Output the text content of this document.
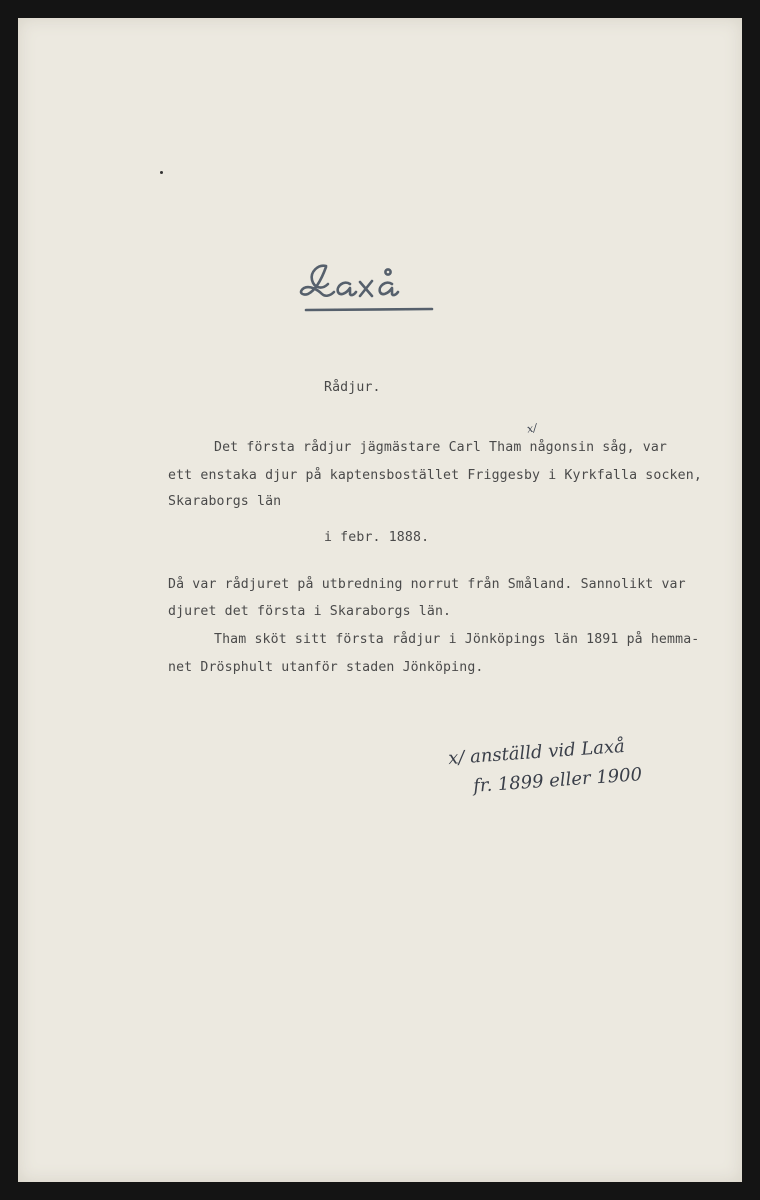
Rådjur.
Det första rådjur jägmästare Carl Tham någonsin såg, var
x/
ett enstaka djur på kaptensbostället Friggesby i Kyrkfalla socken,
Skaraborgs län
i febr. 1888.
Då var rådjuret på utbredning norrut från Småland. Sannolikt var
djuret det första i Skaraborgs län.
Tham sköt sitt första rådjur i Jönköpings län 1891 på hemma-
net Drösphult utanför staden Jönköping.
x/ anställd vid Laxå
fr. 1899 eller 1900
